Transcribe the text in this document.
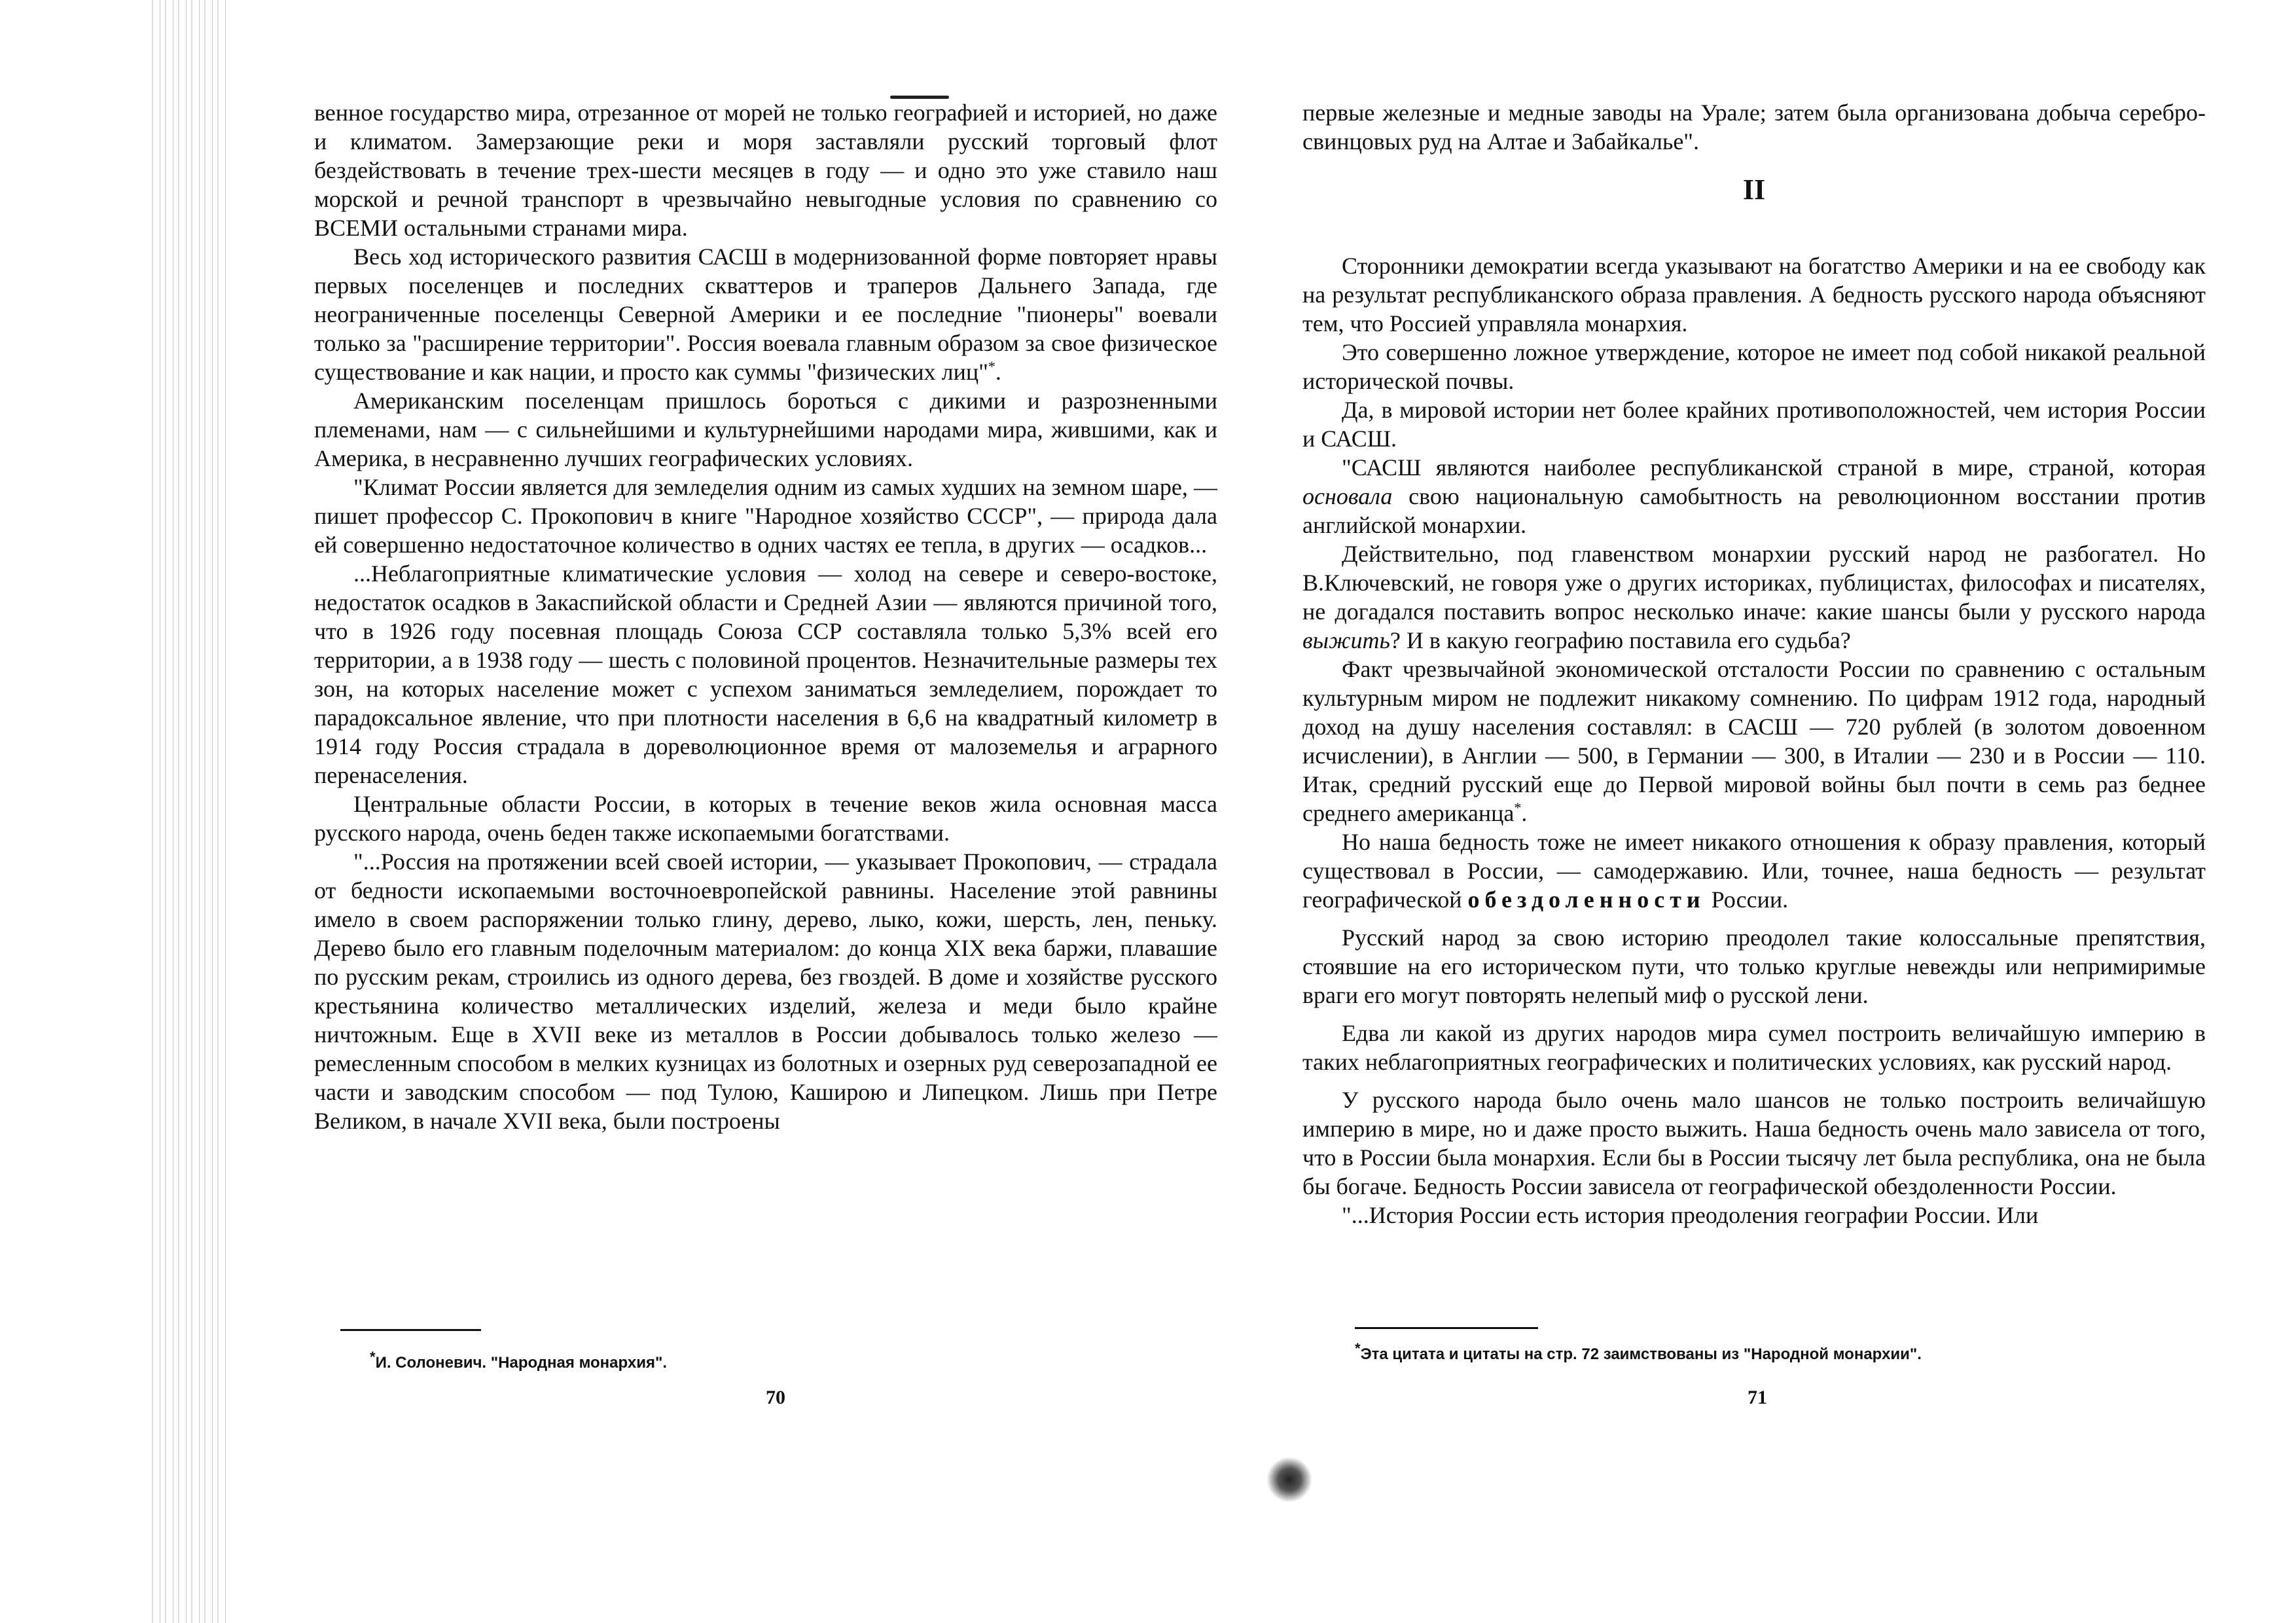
венное государство мира, отрезанное от морей не только географией и историей, но даже и климатом. Замерзающие реки и моря заставляли русский торговый флот бездействовать в течение трех-шести месяцев в году — и одно это уже ставило наш морской и речной транспорт в чрезвычайно невыгодные условия по сравнению со ВСЕМИ остальными странами мира.

Весь ход исторического развития САСШ в модернизованной форме повторяет нравы первых поселенцев и последних скваттеров и траперов Дальнего Запада, где неограниченные поселенцы Северной Америки и ее последние "пионеры" воевали только за "расширение территории". Россия воевала главным образом за свое физическое существование и как нации, и просто как суммы "физических лиц"*.

Американским поселенцам пришлось бороться с дикими и разрозненными племенами, нам — с сильнейшими и культурнейшими народами мира, жившими, как и Америка, в несравненно лучших географических условиях.

"Климат России является для земледелия одним из самых худших на земном шаре, — пишет профессор С. Прокопович в книге "Народное хозяйство СССР", — природа дала ей совершенно недостаточное количество в одних частях ее тепла, в других — осадков...

...Неблагоприятные климатические условия — холод на севере и северо-востоке, недостаток осадков в Закаспийской области и Средней Азии — являются причиной того, что в 1926 году посевная площадь Союза ССР составляла только 5,3% всей его территории, а в 1938 году — шесть с половиной процентов. Незначительные размеры тех зон, на которых население может с успехом заниматься земледелием, порождает то парадоксальное явление, что при плотности населения в 6,6 на квадратный километр в 1914 году Россия страдала в дореволюционное время от малоземелья и аграрного перенаселения.

Центральные области России, в которых в течение веков жила основная масса русского народа, очень беден также ископаемыми богатствами.

"...Россия на протяжении всей своей истории, — указывает Прокопович, — страдала от бедности ископаемыми восточноевропейской равнины. Население этой равнины имело в своем распоряжении только глину, дерево, лыко, кожи, шерсть, лен, пеньку. Дерево было его главным поделочным материалом: до конца XIX века баржи, плавашие по русским рекам, строились из одного дерева, без гвоздей. В доме и хозяйстве русского крестьянина количество металлических изделий, железа и меди было крайне ничтожным. Еще в XVII веке из металлов в России добывалось только железо — ремесленным способом в мелких кузницах из болотных и озерных руд северозападной ее части и заводским способом — под Тулою, Каширою и Липецком. Лишь при Петре Великом, в начале XVII века, были построены

*И. Солоневич. "Народная монархия".
70

первые железные и медные заводы на Урале; затем была организована добыча серебро-свинцовых руд на Алтае и Забайкалье".

II

Сторонники демократии всегда указывают на богатство Америки и на ее свободу как на результат республиканского образа правления. А бедность русского народа объясняют тем, что Россией управляла монархия.

Это совершенно ложное утверждение, которое не имеет под собой никакой реальной исторической почвы.

Да, в мировой истории нет более крайних противоположностей, чем история России и САСШ.

"САСШ являются наиболее республиканской страной в мире, страной, которая основала свою национальную самобытность на революционном восстании против английской монархии.

Действительно, под главенством монархии русский народ не разбогател. Но В.Ключевский, не говоря уже о других историках, публицистах, философах и писателях, не догадался поставить вопрос несколько иначе: какие шансы были у русского народа выжить? И в какую географию поставила его судьба?

Факт чрезвычайной экономической отсталости России по сравнению с остальным культурным миром не подлежит никакому сомнению. По цифрам 1912 года, народный доход на душу населения составлял: в САСШ — 720 рублей (в золотом довоенном исчислении), в Англии — 500, в Германии — 300, в Италии — 230 и в России — 110. Итак, средний русский еще до Первой мировой войны был почти в семь раз беднее среднего американца*.

Но наша бедность тоже не имеет никакого отношения к образу правления, который существовал в России, — самодержавию. Или, точнее, наша бедность — результат географической обездоленности России.

Русский народ за свою историю преодолел такие колоссальные препятствия, стоявшие на его историческом пути, что только круглые невежды или непримиримые враги его могут повторять нелепый миф о русской лени.

Едва ли какой из других народов мира сумел построить величайшую империю в таких неблагоприятных географических и политических условиях, как русский народ.

У русского народа было очень мало шансов не только построить величайшую империю в мире, но и даже просто выжить. Наша бедность очень мало зависела от того, что в России была монархия. Если бы в России тысячу лет была республика, она не была бы богаче. Бедность России зависела от географической обездоленности России.

"...История России есть история преодоления географии России. Или

*Эта цитата и цитаты на стр. 72 заимствованы из "Народной монархии".
71
